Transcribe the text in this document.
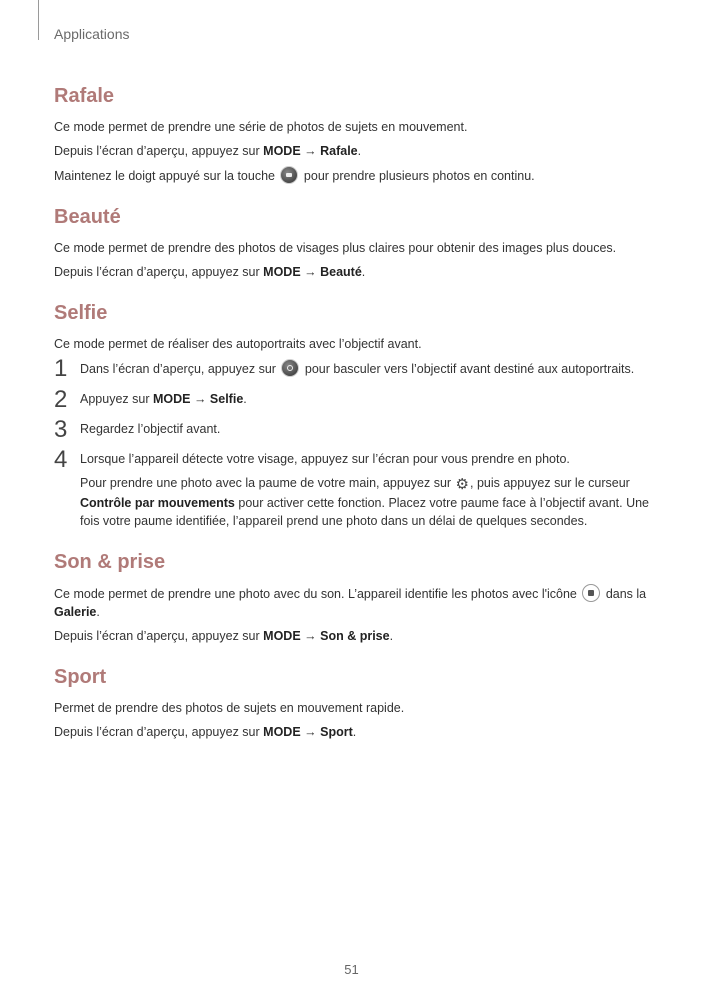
Applications
Rafale

Ce mode permet de prendre une série de photos de sujets en mouvement.

Depuis l’écran d’aperçu, appuyez sur MODE → Rafale.

Maintenez le doigt appuyé sur la touche  pour prendre plusieurs photos en continu.

Beauté

Ce mode permet de prendre des photos de visages plus claires pour obtenir des images plus douces.

Depuis l’écran d’aperçu, appuyez sur MODE → Beauté.

Selfie

Ce mode permet de réaliser des autoportraits avec l’objectif avant.

1 Dans l’écran d’aperçu, appuyez sur  pour basculer vers l’objectif avant destiné aux autoportraits.

2 Appuyez sur MODE → Selfie.

3 Regardez l’objectif avant.

4 Lorsque l’appareil détecte votre visage, appuyez sur l’écran pour vous prendre en photo.

Pour prendre une photo avec la paume de votre main, appuyez sur ⚙, puis appuyez sur le curseur Contrôle par mouvements pour activer cette fonction. Placez votre paume face à l’objectif avant. Une fois votre paume identifiée, l’appareil prend une photo dans un délai de quelques secondes.

Son & prise

Ce mode permet de prendre une photo avec du son. L’appareil identifie les photos avec l'icône  dans la Galerie.

Depuis l’écran d’aperçu, appuyez sur MODE → Son & prise.

Sport

Permet de prendre des photos de sujets en mouvement rapide.

Depuis l’écran d’aperçu, appuyez sur MODE → Sport.

51
